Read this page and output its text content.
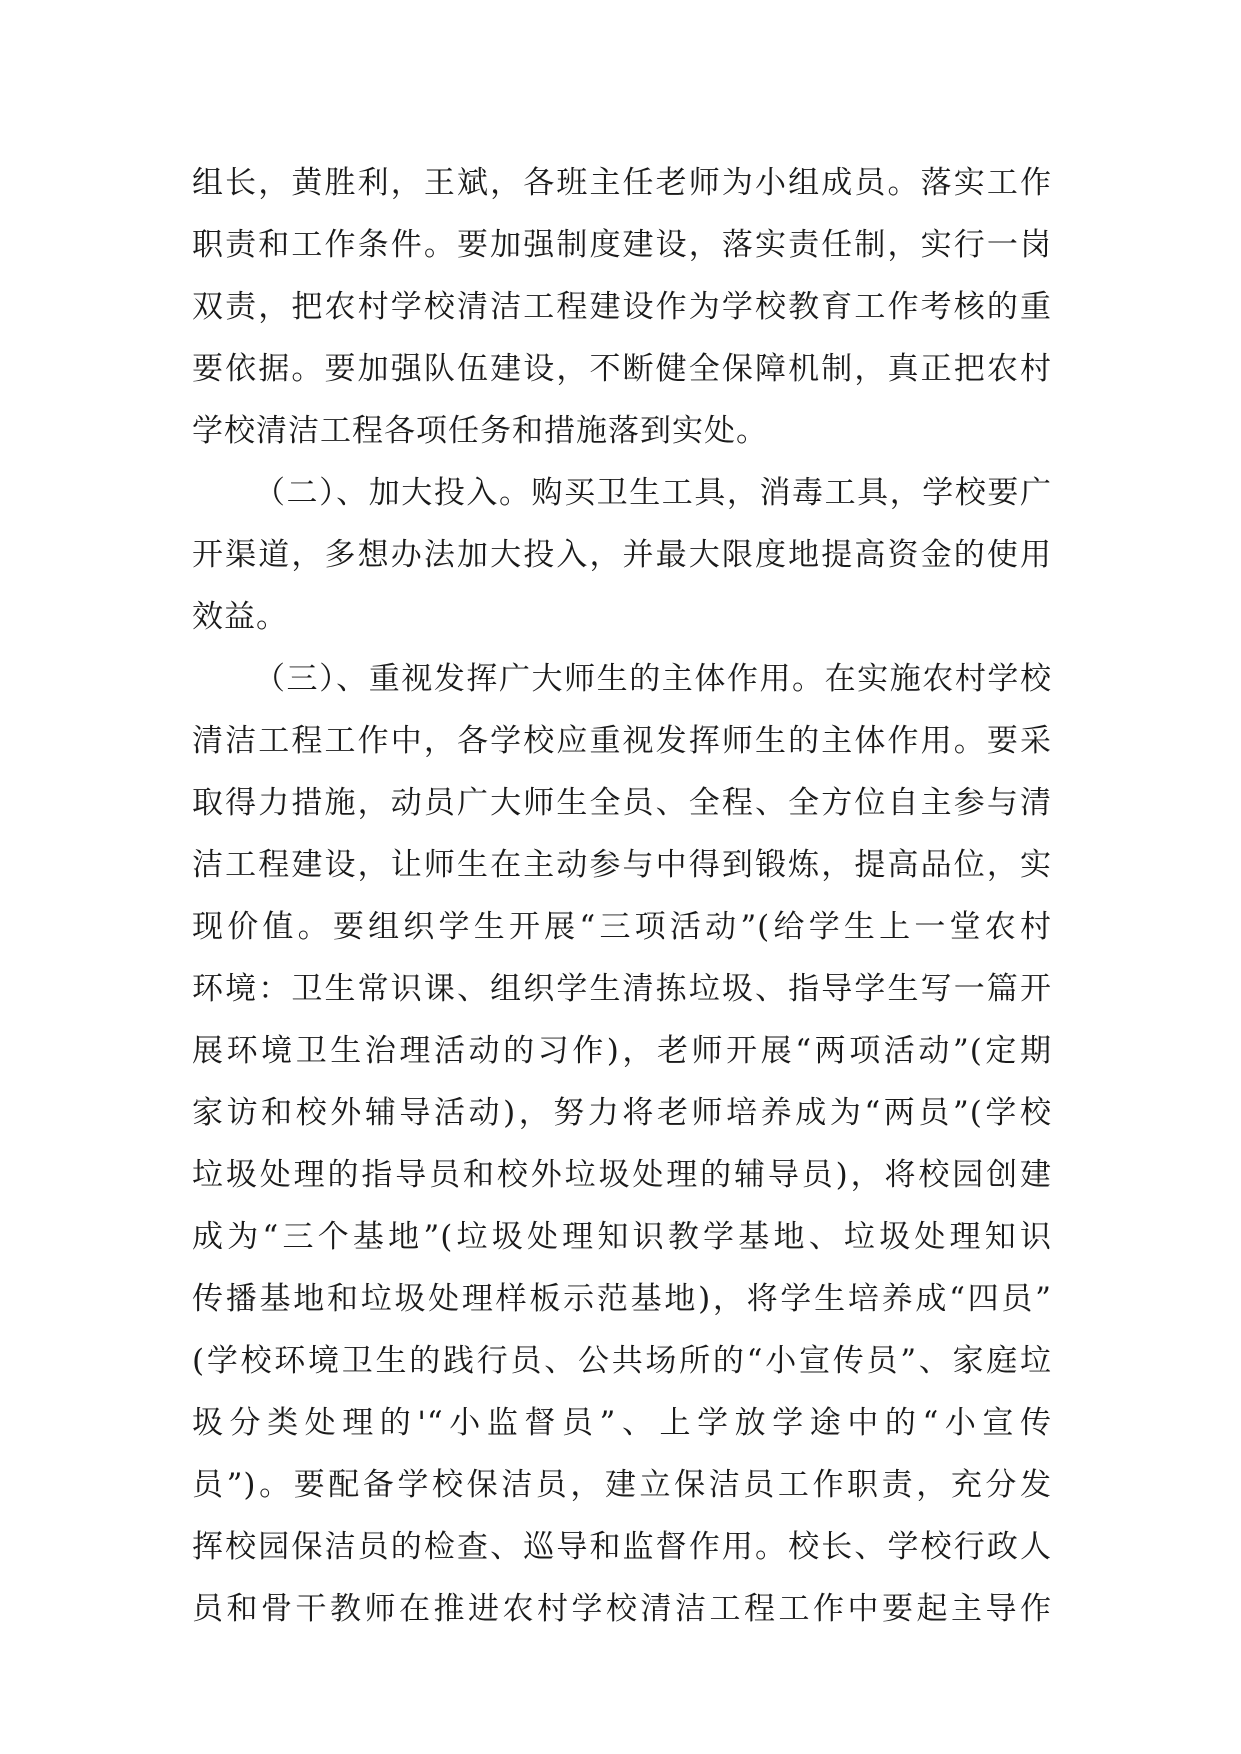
组长，黄胜利，王斌，各班主任老师为小组成员。落实工作
职责和工作条件。要加强制度建设，落实责任制，实行一岗
双责，把农村学校清洁工程建设作为学校教育工作考核的重
要依据。要加强队伍建设，不断健全保障机制，真正把农村
学校清洁工程各项任务和措施落到实处。
（二）、加大投入。购买卫生工具，消毒工具，学校要广
开渠道，多想办法加大投入，并最大限度地提高资金的使用
效益。
（三）、重视发挥广大师生的主体作用。在实施农村学校
清洁工程工作中，各学校应重视发挥师生的主体作用。要采
取得力措施，动员广大师生全员、全程、全方位自主参与清
洁工程建设，让师生在主动参与中得到锻炼，提高品位，实
现价值。要组织学生开展“三项活动”(给学生上一堂农村
环境：卫生常识课、组织学生清拣垃圾、指导学生写一篇开
展环境卫生治理活动的习作)，老师开展“两项活动”(定期
家访和校外辅导活动)，努力将老师培养成为“两员”(学校
垃圾处理的指导员和校外垃圾处理的辅导员)，将校园创建
成为“三个基地”(垃圾处理知识教学基地、垃圾处理知识
传播基地和垃圾处理样板示范基地)，将学生培养成“四员”
(学校环境卫生的践行员、公共场所的“小宣传员”、家庭垃
圾分类处理的'“小监督员”、上学放学途中的“小宣传
员”)。要配备学校保洁员，建立保洁员工作职责，充分发
挥校园保洁员的检查、巡导和监督作用。校长、学校行政人
员和骨干教师在推进农村学校清洁工程工作中要起主导作
